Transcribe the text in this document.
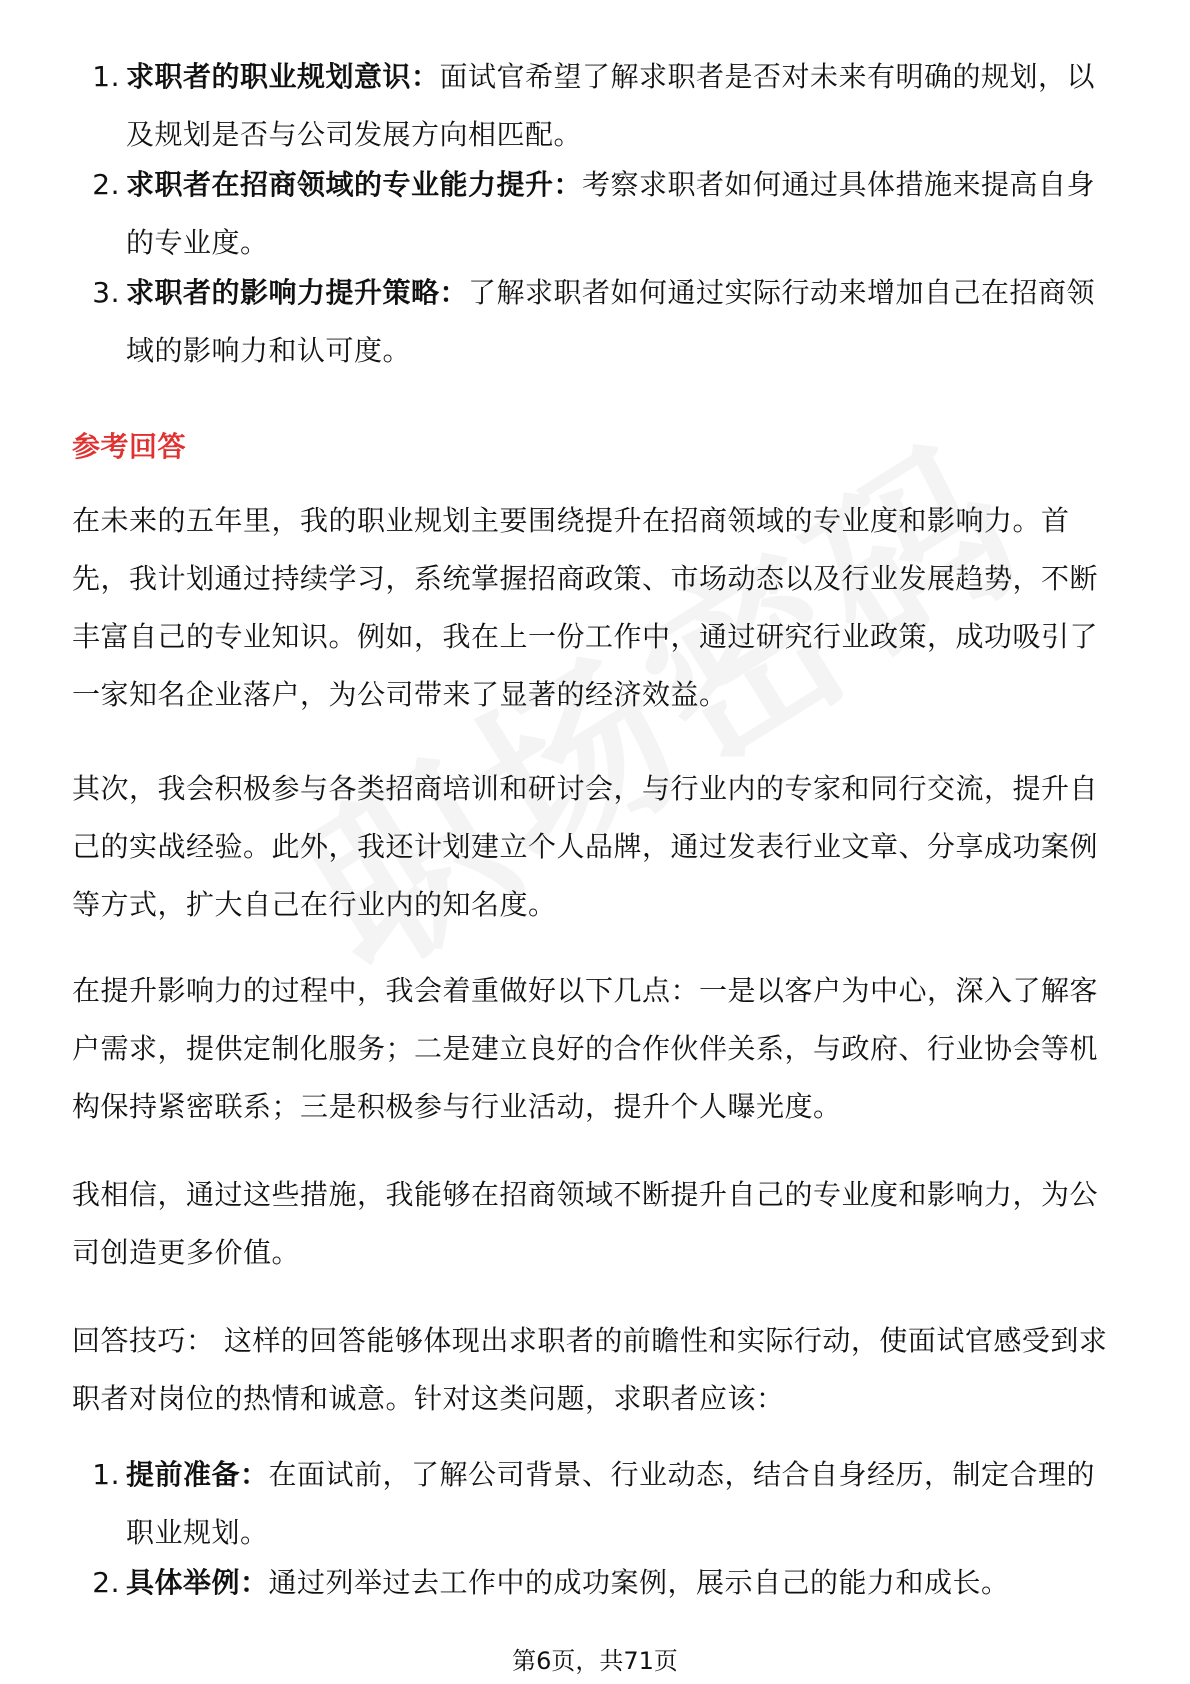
1. 求职者的职业规划意识：面试官希望了解求职者是否对未来有明确的规划，以及规划是否与公司发展方向相匹配。
2. 求职者在招商领域的专业能力提升：考察求职者如何通过具体措施来提高自身的专业度。
3. 求职者的影响力提升策略：了解求职者如何通过实际行动来增加自己在招商领域的影响力和认可度。
参考回答
在未来的五年里，我的职业规划主要围绕提升在招商领域的专业度和影响力。首先，我计划通过持续学习，系统掌握招商政策、市场动态以及行业发展趋势，不断丰富自己的专业知识。例如，我在上一份工作中，通过研究行业政策，成功吸引了一家知名企业落户，为公司带来了显著的经济效益。
其次，我会积极参与各类招商培训和研讨会，与行业内的专家和同行交流，提升自己的实战经验。此外，我还计划建立个人品牌，通过发表行业文章、分享成功案例等方式，扩大自己在行业内的知名度。
在提升影响力的过程中，我会着重做好以下几点：一是以客户为中心，深入了解客户需求，提供定制化服务；二是建立良好的合作伙伴关系，与政府、行业协会等机构保持紧密联系；三是积极参与行业活动，提升个人曝光度。
我相信，通过这些措施，我能够在招商领域不断提升自己的专业度和影响力，为公司创造更多价值。
回答技巧： 这样的回答能够体现出求职者的前瞻性和实际行动，使面试官感受到求职者对岗位的热情和诚意。针对这类问题，求职者应该：
1. 提前准备：在面试前，了解公司背景、行业动态，结合自身经历，制定合理的职业规划。
2. 具体举例：通过列举过去工作中的成功案例，展示自己的能力和成长。
第6页，共71页
